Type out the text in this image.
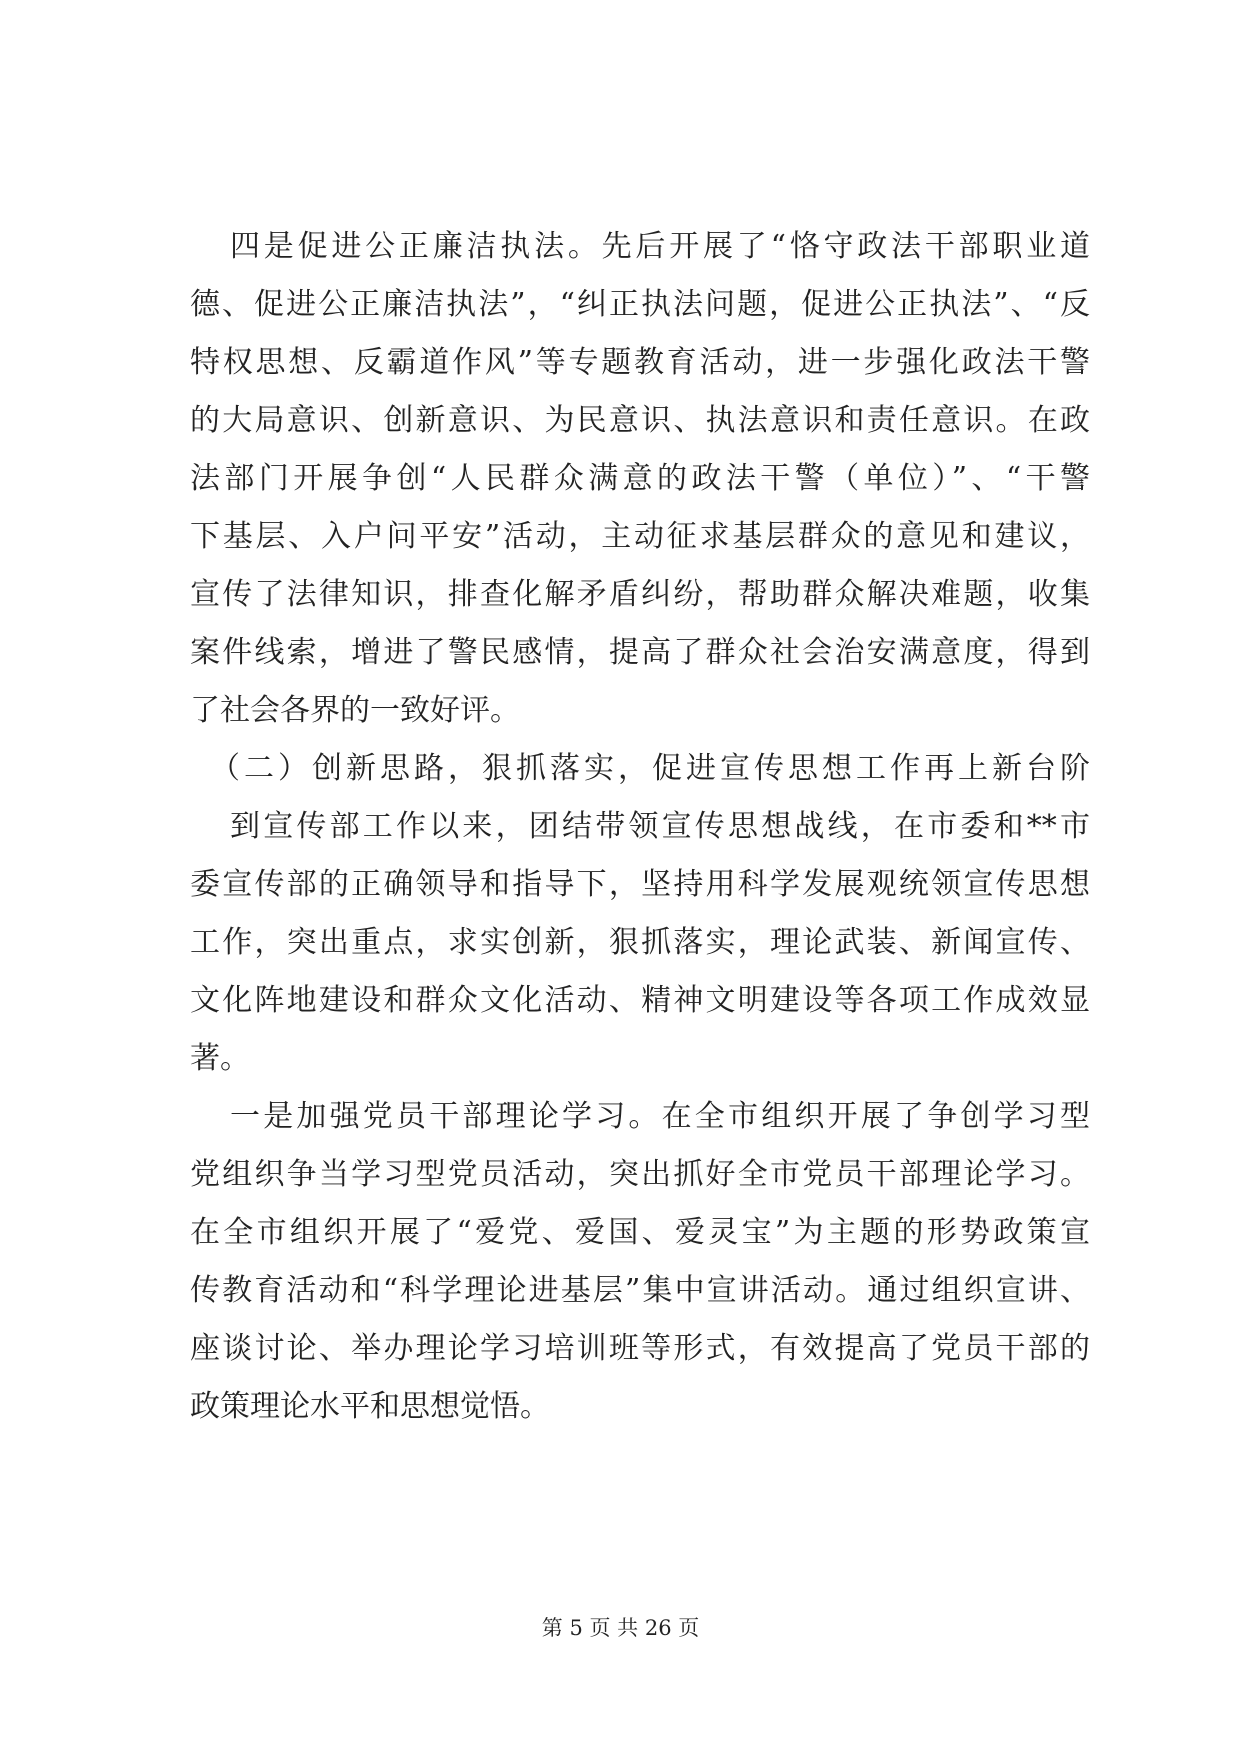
四是促进公正廉洁执法。先后开展了“恪守政法干部职业道
德、促进公正廉洁执法”，“纠正执法问题，促进公正执法”、“反
特权思想、反霸道作风”等专题教育活动，进一步强化政法干警
的大局意识、创新意识、为民意识、执法意识和责任意识。在政
法部门开展争创“人民群众满意的政法干警（单位）”、“干警
下基层、入户问平安”活动，主动征求基层群众的意见和建议，
宣传了法律知识，排查化解矛盾纠纷，帮助群众解决难题，收集
案件线索，增进了警民感情，提高了群众社会治安满意度，得到
了社会各界的一致好评。
（二）创新思路，狠抓落实，促进宣传思想工作再上新台阶
到宣传部工作以来，团结带领宣传思想战线，在市委和**市
委宣传部的正确领导和指导下，坚持用科学发展观统领宣传思想
工作，突出重点，求实创新，狠抓落实，理论武装、新闻宣传、
文化阵地建设和群众文化活动、精神文明建设等各项工作成效显
著。
一是加强党员干部理论学习。在全市组织开展了争创学习型
党组织争当学习型党员活动，突出抓好全市党员干部理论学习。
在全市组织开展了“爱党、爱国、爱灵宝”为主题的形势政策宣
传教育活动和“科学理论进基层”集中宣讲活动。通过组织宣讲、
座谈讨论、举办理论学习培训班等形式，有效提高了党员干部的
政策理论水平和思想觉悟。
第 5 页 共 26 页
